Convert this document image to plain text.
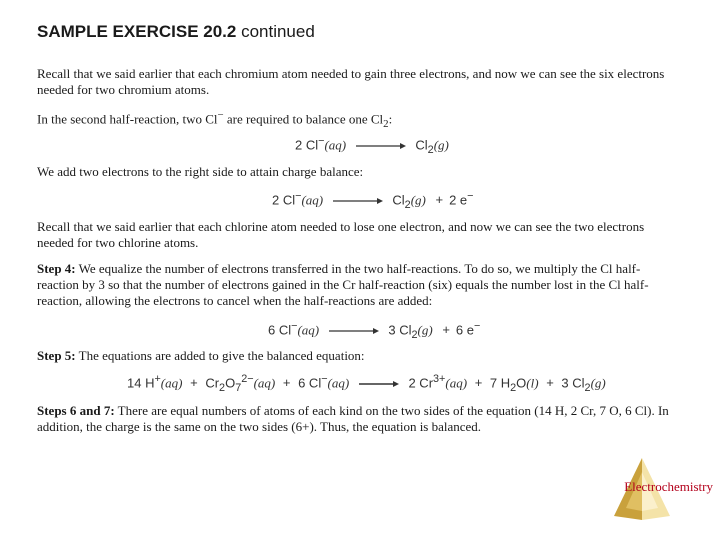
SAMPLE EXERCISE 20.2 continued

Recall that we said earlier that each chromium atom needed to gain three electrons, and now we can see the six electrons needed for two chromium atoms.

In the second half-reaction, two Cl− are required to balance one $Cl_2$:

2 $Cl^-(aq) \to Cl_2(g)$

We add two electrons to the right side to attain charge balance:

2 $Cl^-(aq) \to Cl_2(g) + 2$ e−

Recall that we said earlier that each chlorine atom needed to lose one electron, and now we can see the two electrons needed for two chlorine atoms.

Step 4: We equalize the number of electrons transferred in the two half-reactions. To do so, we multiply the Cl half-reaction by 3 so that the number of electrons gained in the Cr half-reaction (six) equals the number lost in the Cl half-reaction, allowing the electrons to cancel when the half-reactions are added:

6 Cl−(aq) → 3 $Cl_2(g) + 6$ e−

Step 5: The equations are added to give the balanced equation:

14 $H^+(aq) + Cr_2O_7^{2-}(aq) + 6$ Cl−(aq) → 2 $Cr^{3+}(aq) + 7$ $H_2O(l) + 3$ $Cl_2(g)$

Steps 6 and 7: There are equal numbers of atoms of each kind on the two sides of the equation (14 H, 2 Cr, 7 O, 6 Cl). In addition, the charge is the same on the two sides (6+). Thus, the equation is balanced.

Electrochemistry
